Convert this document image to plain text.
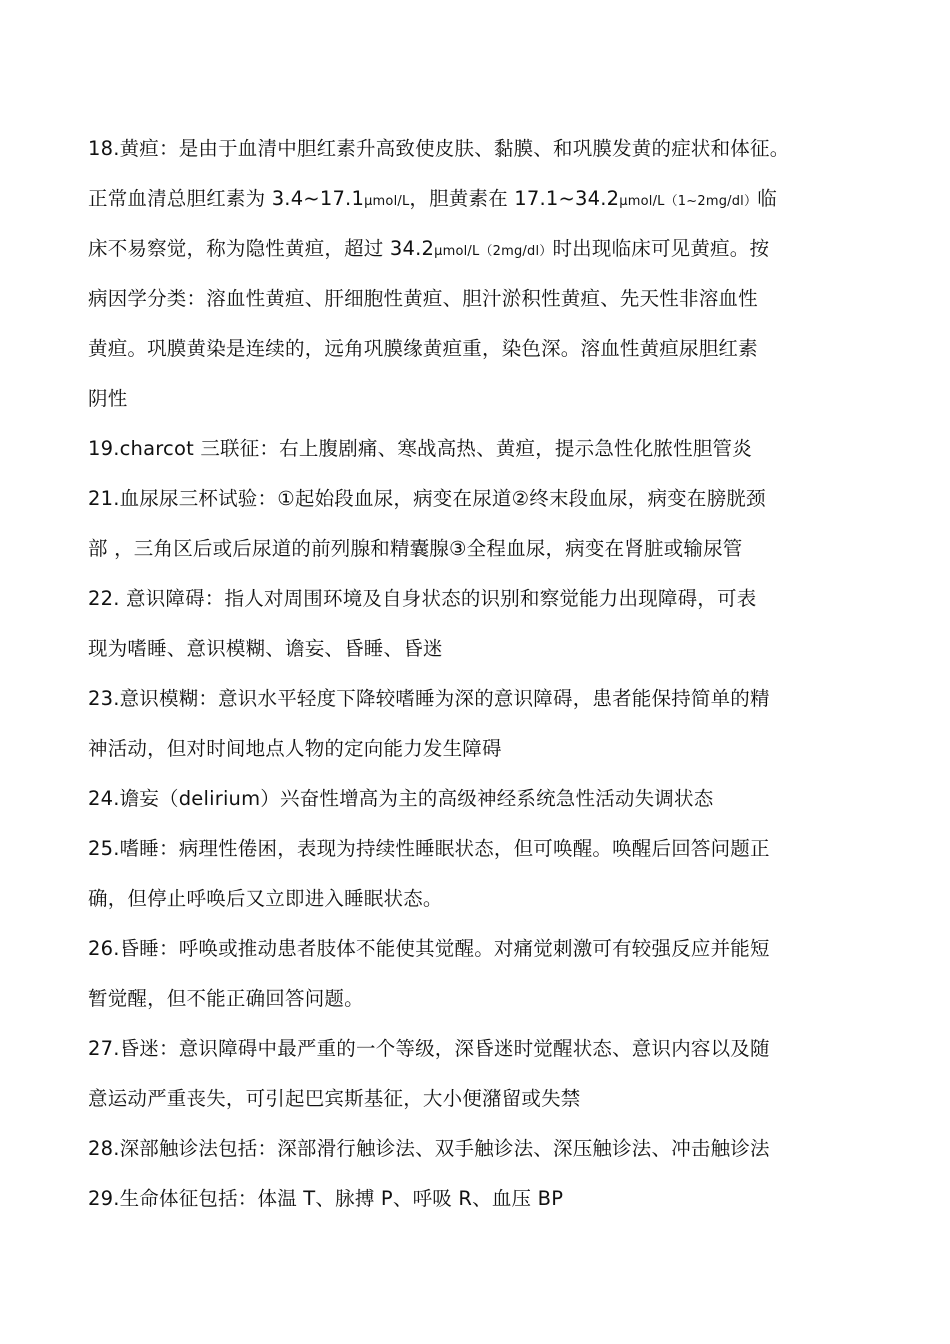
18.黄疸：是由于血清中胆红素升高致使皮肤、黏膜、和巩膜发黄的症状和体征。
正常血清总胆红素为 3.4~17.1μmol/L，胆黄素在 17.1~34.2μmol/L（1~2mg/dl）临
床不易察觉，称为隐性黄疸，超过 34.2μmol/L（2mg/dl）时出现临床可见黄疸。按
病因学分类：溶血性黄疸、肝细胞性黄疸、胆汁淤积性黄疸、先天性非溶血性
黄疸。巩膜黄染是连续的，远角巩膜缘黄疸重，染色深。溶血性黄疸尿胆红素
阴性
19.charcot 三联征：右上腹剧痛、寒战高热、黄疸，提示急性化脓性胆管炎
21.血尿尿三杯试验：①起始段血尿，病变在尿道②终末段血尿，病变在膀胱颈
部 ，三角区后或后尿道的前列腺和精囊腺③全程血尿，病变在肾脏或输尿管
22. 意识障碍：指人对周围环境及自身状态的识别和察觉能力出现障碍，可表
现为嗜睡、意识模糊、谵妄、昏睡、昏迷
23.意识模糊：意识水平轻度下降较嗜睡为深的意识障碍，患者能保持简单的精
神活动，但对时间地点人物的定向能力发生障碍
24.谵妄（delirium）兴奋性增高为主的高级神经系统急性活动失调状态
25.嗜睡：病理性倦困，表现为持续性睡眠状态，但可唤醒。唤醒后回答问题正
确，但停止呼唤后又立即进入睡眠状态。
26.昏睡：呼唤或推动患者肢体不能使其觉醒。对痛觉刺激可有较强反应并能短
暂觉醒，但不能正确回答问题。
27.昏迷：意识障碍中最严重的一个等级，深昏迷时觉醒状态、意识内容以及随
意运动严重丧失，可引起巴宾斯基征，大小便潴留或失禁
28.深部触诊法包括：深部滑行触诊法、双手触诊法、深压触诊法、冲击触诊法
29.生命体征包括：体温 T、脉搏 P、呼吸 R、血压 BP
